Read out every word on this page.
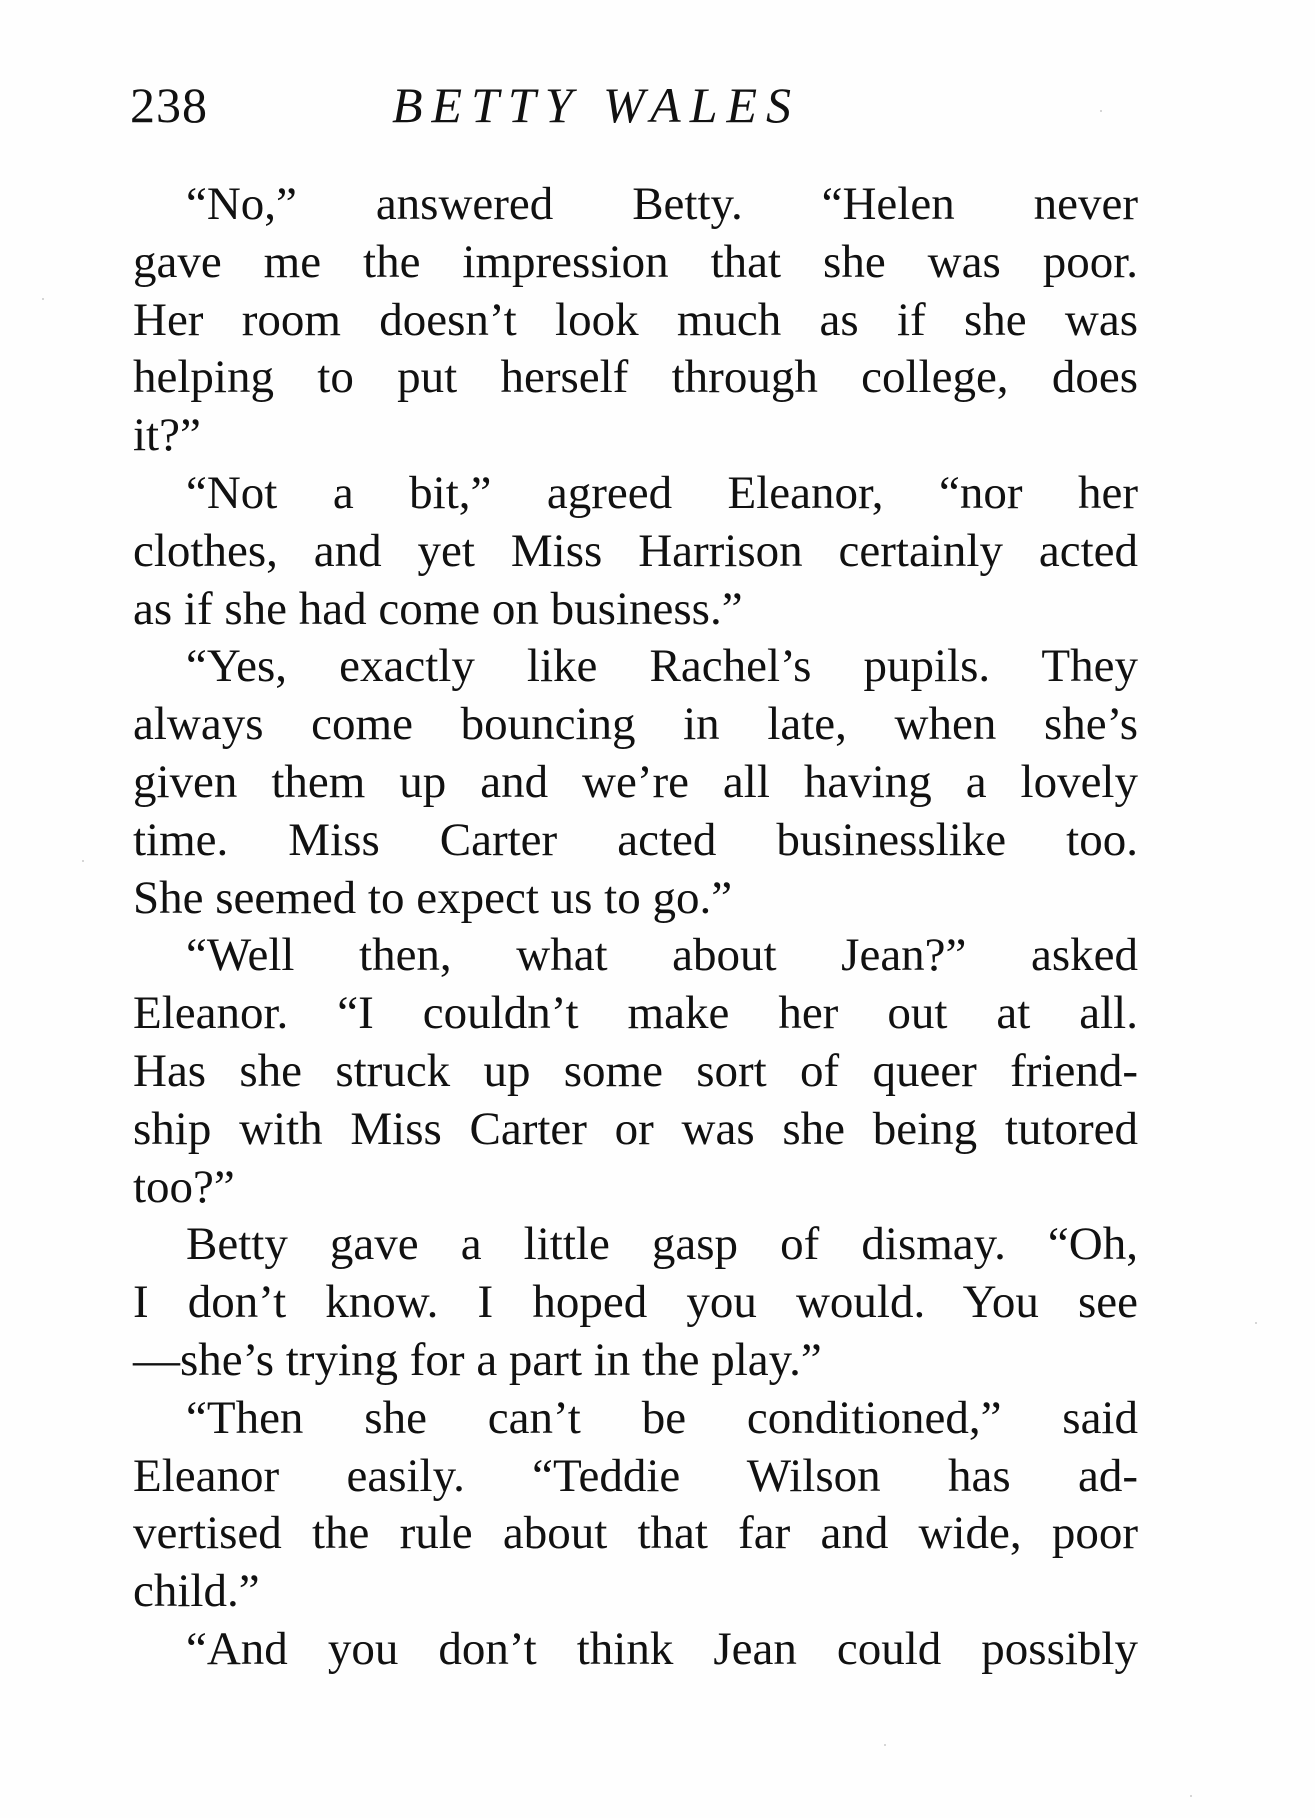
238	BETTY WALES
“No,” answered Betty. “Helen never
gave me the impression that she was poor.
Her room doesn’t look much as if she was
helping to put herself through college, does
it?”
“Not a bit,” agreed Eleanor, “nor her
clothes, and yet Miss Harrison certainly acted
as if she had come on business.”
“Yes, exactly like Rachel’s pupils. They
always come bouncing in late, when she’s
given them up and we’re all having a lovely
time. Miss Carter acted businesslike too.
She seemed to expect us to go.”
“Well then, what about Jean?” asked
Eleanor. “I couldn’t make her out at all.
Has she struck up some sort of queer friend-
ship with Miss Carter or was she being tutored
too?”
Betty gave a little gasp of dismay. “Oh,
I don’t know. I hoped you would. You see
—she’s trying for a part in the play.”
“Then she can’t be conditioned,” said
Eleanor easily. “Teddie Wilson has ad-
vertised the rule about that far and wide, poor
child.”
“And you don’t think Jean could possibly
